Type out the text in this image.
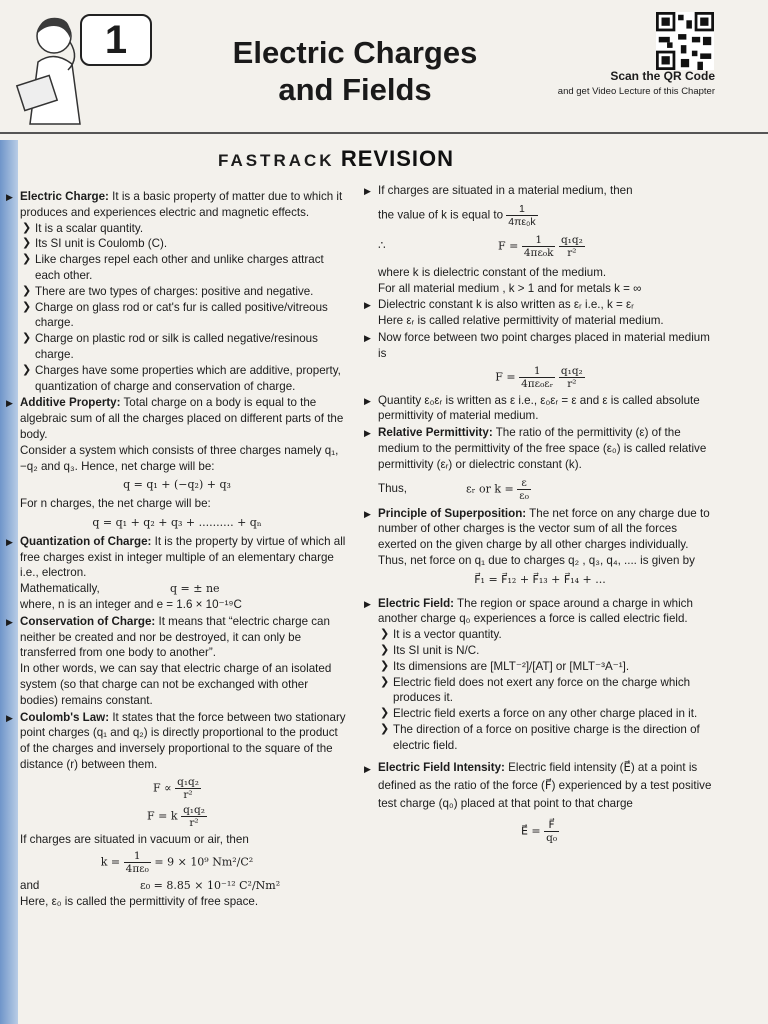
1	Electric Charges
and Fields	Scan the QR Code
and get Video Lecture of this Chapter
FASTRACK REVISION
▶ Electric Charge: It is a basic property of matter due to which it produces and experiences electric and magnetic effects.
❯ It is a scalar quantity.
❯ Its SI unit is Coulomb (C).
❯ Like charges repel each other and unlike charges attract each other.
❯ There are two types of charges: positive and negative.
❯ Charge on glass rod or cat's fur is called positive/vitreous charge.
❯ Charge on plastic rod or silk is called negative/resinous charge.
❯ Charges have some properties which are additive, property, quantization of charge and conservation of charge.
▶ Additive Property: Total charge on a body is equal to the algebraic sum of all the charges placed on different parts of the body.
Consider a system which consists of three charges namely q₁, −q₂ and q₃. Hence, net charge will be:
q = q₁ + (−q₂) + q₃
For n charges, the net charge will be:
q = q₁ + q₂ + q₃ + .......... + qₙ
▶ Quantization of Charge: It is the property by virtue of which all free charges exist in integer multiple of an elementary charge i.e., electron.
Mathematically,	q = ± ne
where, n is an integer and e = 1.6 × 10⁻¹⁹C
▶ Conservation of Charge: It means that “electric charge can neither be created and nor be destroyed, it can only be transferred from one body to another”.
In other words, we can say that electric charge of an isolated system (so that charge can not be exchanged with other bodies) remains constant.
▶ Coulomb's Law: It states that the force between two stationary point charges (q₁ and q₂) is directly proportional to the product of the charges and inversely proportional to the square of the distance (r) between them.
$F \propto \frac{\text{q₁q₂}}{\text{r²}}$
F = k $\frac{\text{q₁q₂}}{\text{r²}}$
If charges are situated in vacuum or air, then
$k = \frac{1}{\text{4πε₀}} = 9 \times 10^9$ Nm²/C²
and	ε₀ = 8.85 × 10⁻¹² C²/Nm²
Here, ε₀ is called the permittivity of free space.
▶ If charges are situated in a material medium, then
the value of k is equal to $\frac{1}{\text{4πε₀k}}$
∴	$F = \frac{1}{\text{4πε₀k}}$
$\frac{\text{q₁q₂}}{\text{r²}}$
where k is dielectric constant of the medium.
For all material medium , k > 1 and for metals k = ∞
▶ Dielectric constant k is also written as εᵣ i.e., k = εᵣ
Here εᵣ is called relative permittivity of material medium.
▶ Now force between two point charges placed in material medium is
$F = \frac{1}{\text{4πε₀εᵣ}}$
$\frac{\text{q₁q₂}}{\text{r²}}$
▶ Quantity ε₀εᵣ is written as ε i.e., ε₀εᵣ = ε and ε is called absolute permittivity of material medium.
▶ Relative Permittivity: The ratio of the permittivity (ε) of the medium to the permittivity of the free space (ε₀) is called relative permittivity (εᵣ) or dielectric constant (k).
Thus,	εᵣ or $k = \frac{\varepsilon}{\text{ε₀}}$
▶ Principle of Superposition: The net force on any charge due to number of other charges is the vector sum of all the forces exerted on the given charge by all other charges individually.
Thus, net force on q₁ due to charges q₂ , q₃, q₄, .... is given by
F⃗₁ = F⃗₁₂ + F⃗₁₃ + F⃗₁₄ + ...
▶ Electric Field: The region or space around a charge in which another charge q₀ experiences a force is called electric field.
❯ It is a vector quantity.
❯ Its SI unit is N/C.
❯ Its dimensions are [MLT⁻²]/[AT] or [MLT⁻³A⁻¹].
❯ Electric field does not exert any force on the charge which produces it.
❯ Electric field exerts a force on any other charge placed in it.
❯ The direction of a force on positive charge is the direction of electric field.
▶ Electric Field Intensity: Electric field intensity (E⃗) at a point is defined as the ratio of the force (F⃗) experienced by a test positive test charge (q₀) placed at that point to that charge
E⃗ = $\frac{F⃗}{\text{q₀}}$
